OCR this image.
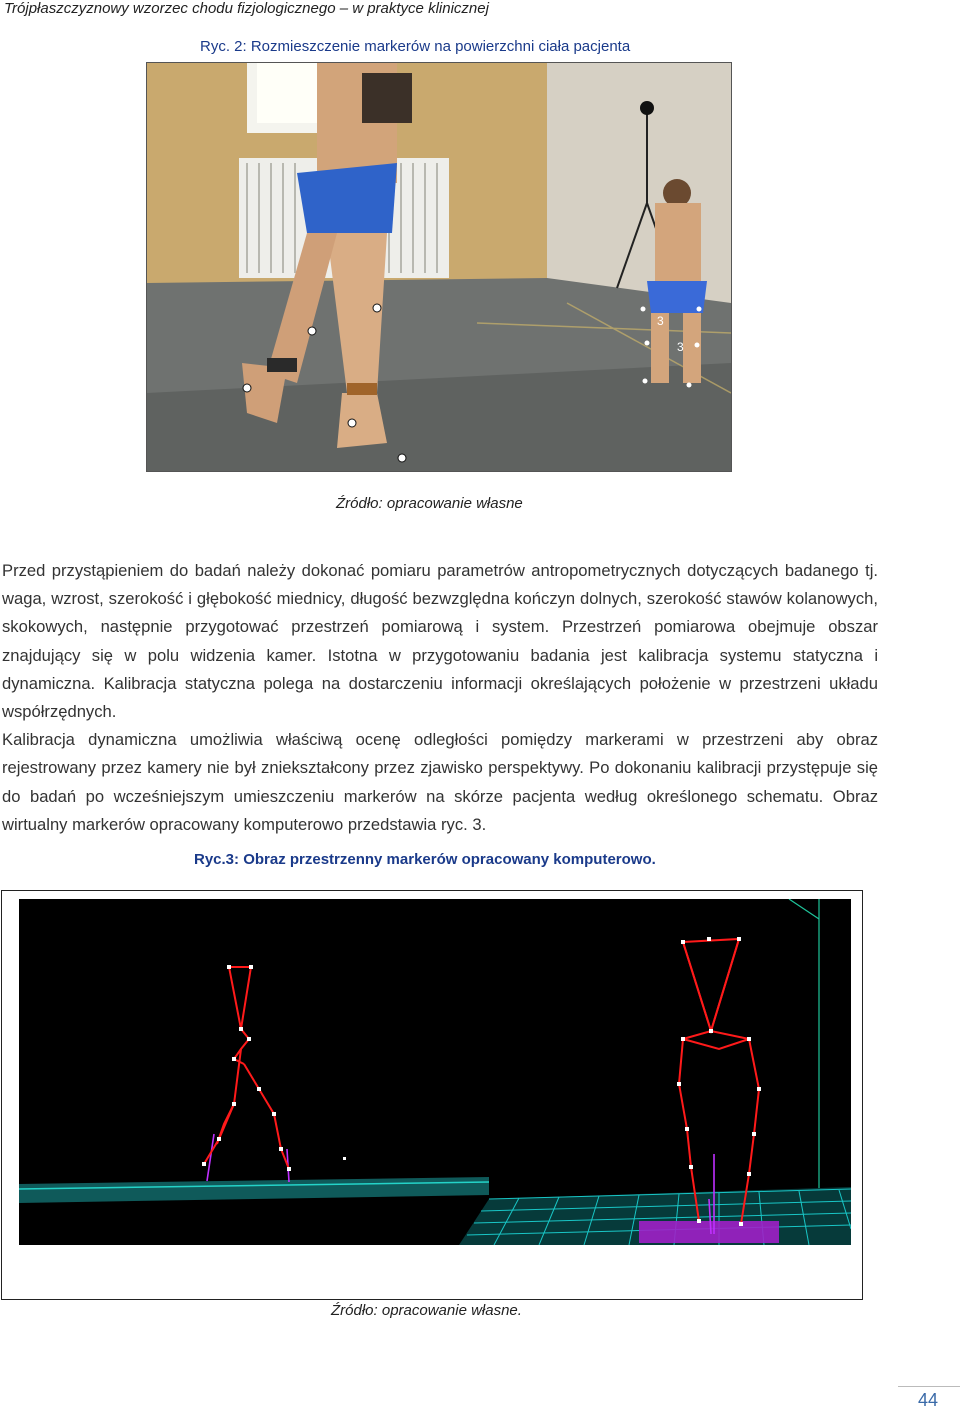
Trójpłaszczyznowy wzorzec chodu fizjologicznego – w praktyce klinicznej
Ryc. 2: Rozmieszczenie markerów na powierzchni ciała pacjenta
3
3
Źródło: opracowanie własne

Przed przystąpieniem do badań należy dokonać pomiaru parametrów antropometrycznych dotyczących badanego tj. waga, wzrost, szerokość i głębokość miednicy, długość bezwzględna kończyn dolnych, szerokość stawów kolanowych, skokowych, następnie przygotować przestrzeń pomiarową i system. Przestrzeń pomiarowa obejmuje obszar znajdujący się w polu widzenia kamer. Istotna w przygotowaniu badania jest kalibracja systemu statyczna i dynamiczna. Kalibracja statyczna polega na dostarczeniu informacji określających położenie w przestrzeni układu współrzędnych.

Kalibracja dynamiczna umożliwia właściwą ocenę odległości pomiędzy markerami w przestrzeni aby obraz rejestrowany przez kamery nie był zniekształcony przez zjawisko perspektywy. Po dokonaniu kalibracji przystępuje się do badań po wcześniejszym umieszczeniu markerów na skórze pacjenta według określonego schematu. Obraz wirtualny markerów opracowany komputerowo przedstawia ryc. 3.

Ryc.3: Obraz przestrzenny markerów opracowany komputerowo.
Źródło: opracowanie własne.
44
